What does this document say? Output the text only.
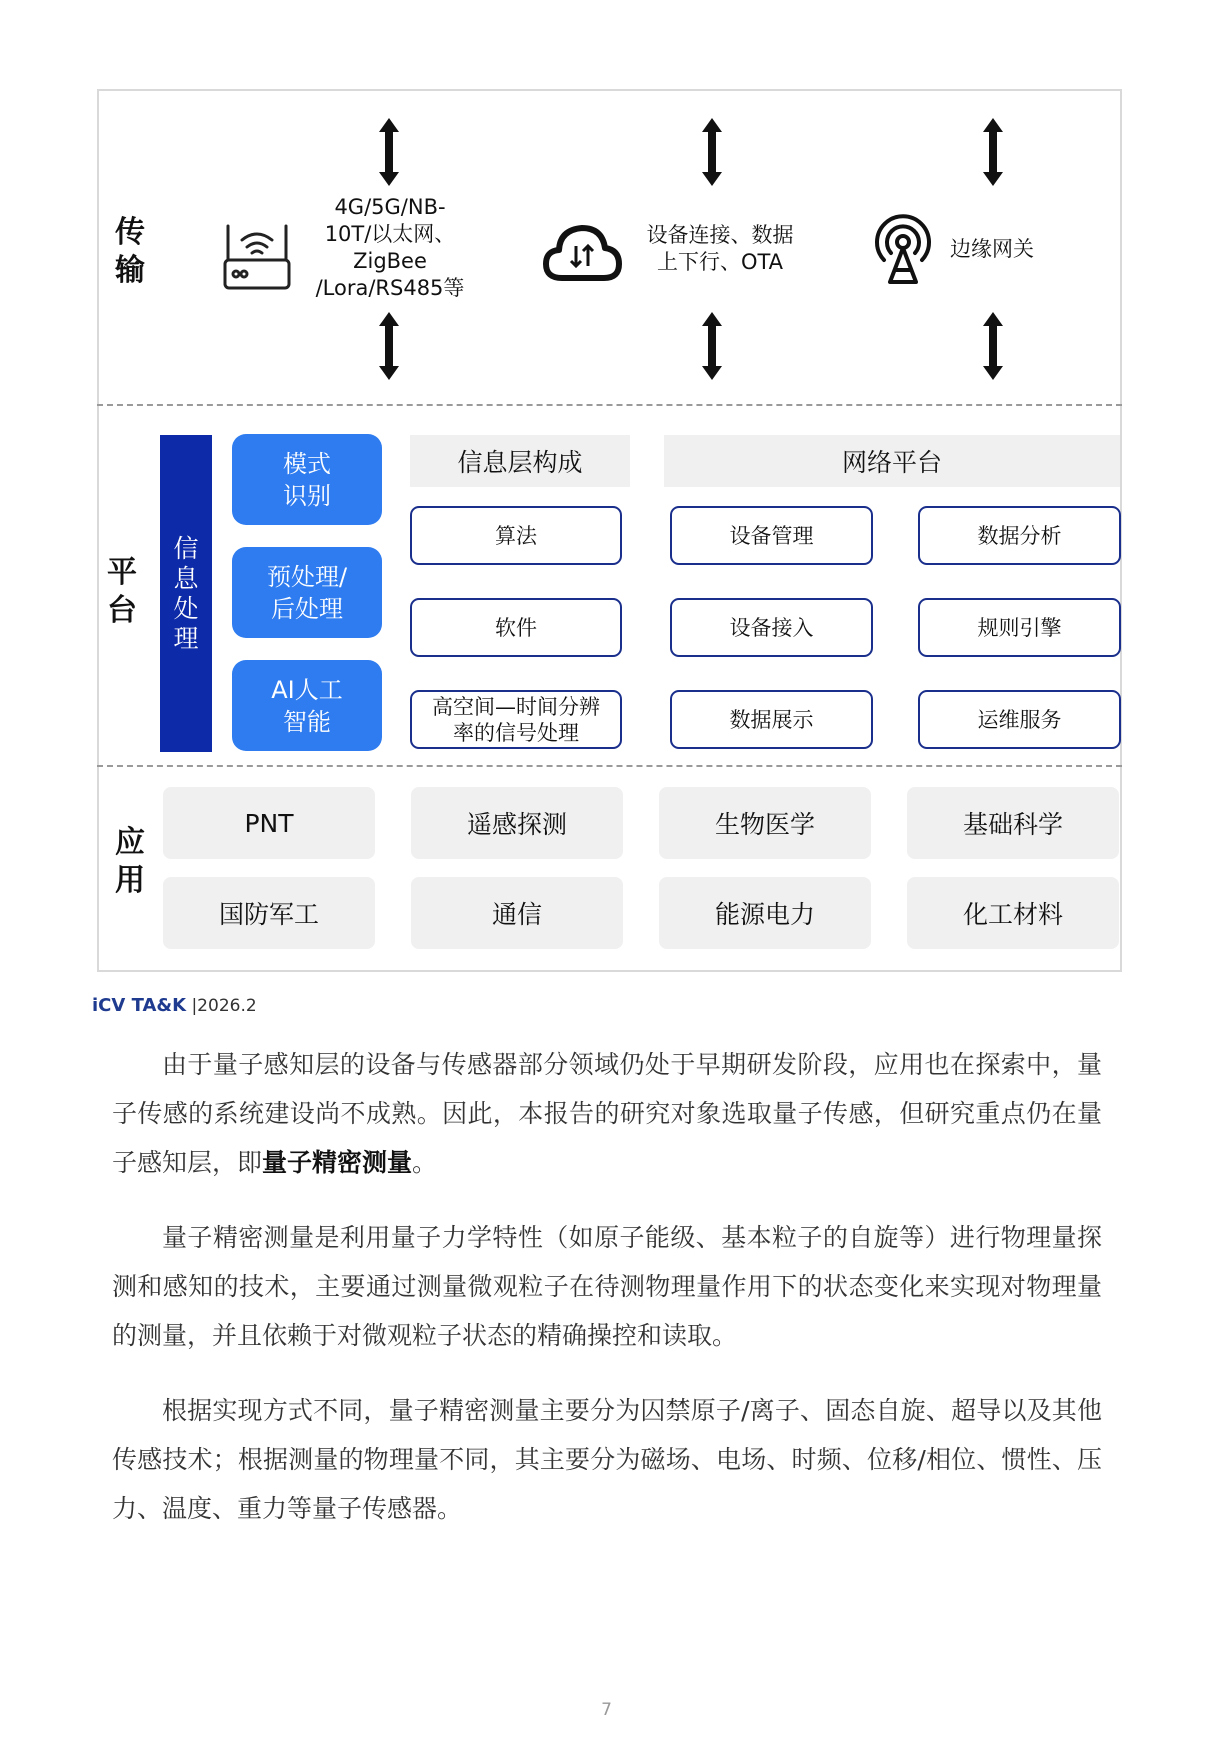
传输
平台
应用
4G/5G/NB-
10T/以太网、
ZigBee
/Lora/RS485等
设备连接、数据
上下行、OTA
边缘网关
信息处理
模式
识别
预处理/
后处理
AI人工
智能
信息层构成
算法
软件
高空间—时间分辨
率的信号处理
网络平台
设备管理
设备接入
数据展示
数据分析
规则引擎
运维服务
PNT	遥感探测	生物医学	基础科学
国防军工	通信	能源电力	化工材料
iCV TA&K |2026.2
由于量子感知层的设备与传感器部分领域仍处于早期研发阶段，应用也在探索中，量子传感的系统建设尚不成熟。因此，本报告的研究对象选取量子传感，但研究重点仍在量子感知层，即量子精密测量。
量子精密测量是利用量子力学特性（如原子能级、基本粒子的自旋等）进行物理量探测和感知的技术，主要通过测量微观粒子在待测物理量作用下的状态变化来实现对物理量的测量，并且依赖于对微观粒子状态的精确操控和读取。
根据实现方式不同，量子精密测量主要分为囚禁原子/离子、固态自旋、超导以及其他传感技术；根据测量的物理量不同，其主要分为磁场、电场、时频、位移/相位、惯性、压力、温度、重力等量子传感器。
7
